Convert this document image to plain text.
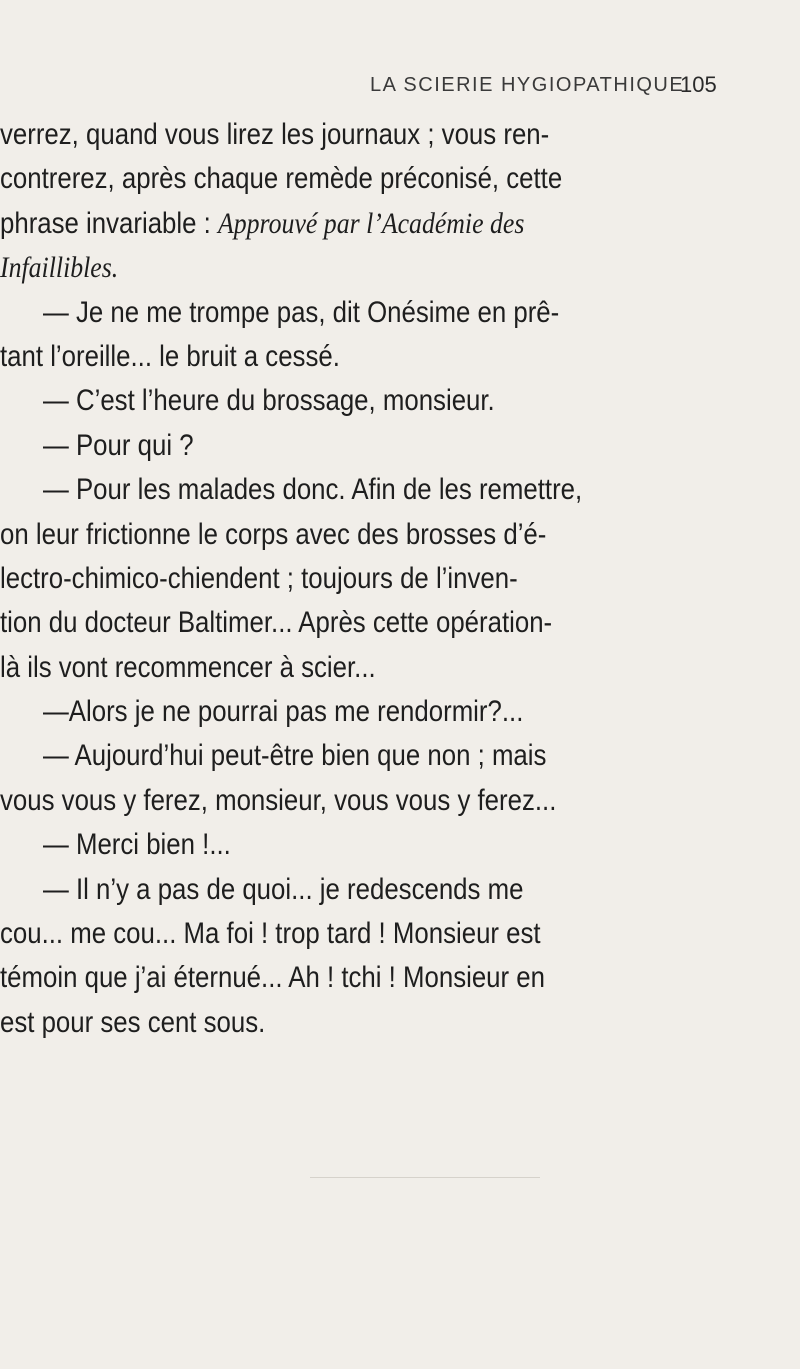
LA SCIERIE HYGIOPATHIQUE
105
verrez, quand vous lirez les journaux ; vous ren-
contrerez, après chaque remède préconisé, cette
phrase invariable : Approuvé par l’Académie des
Infaillibles.
— Je ne me trompe pas, dit Onésime en prê-
tant l’oreille... le bruit a cessé.
— C’est l’heure du brossage, monsieur.
— Pour qui ?
— Pour les malades donc. Afin de les remettre,
on leur frictionne le corps avec des brosses d’é-
lectro-chimico-chiendent ; toujours de l’inven-
tion du docteur Baltimer... Après cette opération-
là ils vont recommencer à scier...
—Alors je ne pourrai pas me rendormir?...
— Aujourd’hui peut-être bien que non ; mais
vous vous y ferez, monsieur, vous vous y ferez...
— Merci bien !...
— Il n’y a pas de quoi... je redescends me
cou... me cou... Ma foi ! trop tard ! Monsieur est
témoin que j’ai éternué... Ah ! tchi ! Monsieur en
est pour ses cent sous.
